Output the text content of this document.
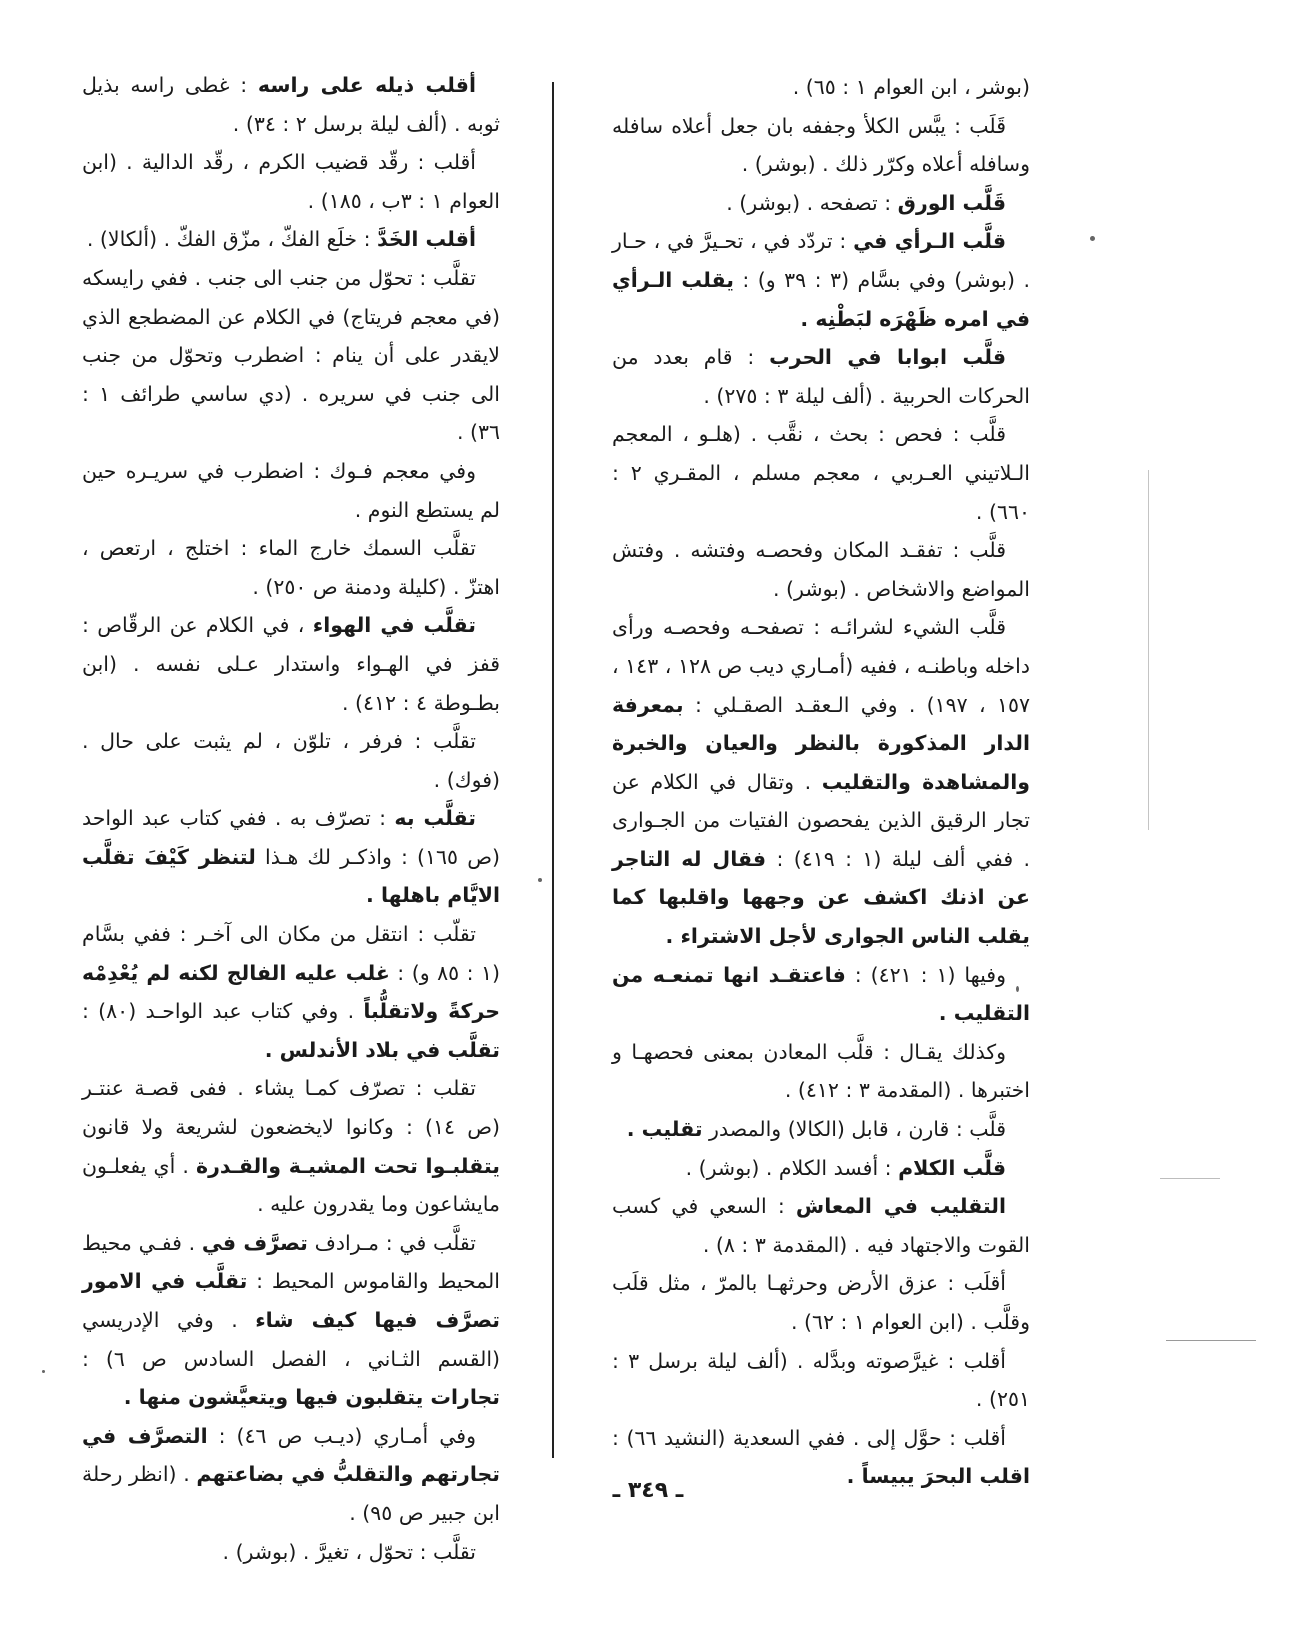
(بوشر ، ابن العوام ١ : ٦٥) .

قَلَب : يبَّس الكلأ وجففه بان جعل أعلاه سافله وسافله أعلاه وكرّر ذلك . (بوشر) .

قَلَّب الورق : تصفحه . (بوشر) .

قلَّب الـرأي في : تردّد في ، تحـيرَّ في ، حـار . (بوشر) وفي بسَّام (٣ : ٣٩ و) : يقلب الـرأي في امره ظَهْرَه لبَطْنِه .

قلَّب ابوابا في الحرب : قام بعدد من الحركات الحربية . (ألف ليلة ٣ : ٢٧٥) .

قلَّب : فحص : بحث ، نقَّب . (هلـو ، المعجم الـلاتيني العـربي ، معجم مسلم ، المقـري ٢ : ٦٦٠) .

قلَّب : تفقـد المكان وفحصـه وفتشه . وفتش المواضع والاشخاص . (بوشر) .

قلَّب الشيء لشرائـه : تصفحـه وفحصـه ورأى داخله وباطنـه ، ففيه (أمـاري ديب ص ١٢٨ ، ١٤٣ ، ١٥٧ ، ١٩٧) . وفي الـعقـد الصقـلي : بمعرفة الدار المذكورة بالنظر والعيان والخبرة والمشاهدة والتقليب . وتقال في الكلام عن تجار الرقيق الذين يفحصون الفتيات من الجـوارى . ففي ألف ليلة (١ : ٤١٩) : فقال له التاجر عن اذنك اكشف عن وجهها واقلبها كما يقلب الناس الجوارى لأجل الاشتراء .

وفيها (١ : ٤٢١) : فاعتقـد انها تمنعـه من التقليب .

وكذلك يقـال : قلَّب المعادن بمعنى فحصهـا و اختبرها . (المقدمة ٣ : ٤١٢) .

قلَّب : قارن ، قابل (الكالا) والمصدر تقليب .

قلَّب الكلام : أفسد الكلام . (بوشر) .

التقليب في المعاش : السعي في كسب القوت والاجتهاد فيه . (المقدمة ٣ : ٨) .

أقلَب : عزق الأرض وحرثهـا بالمرّ ، مثل قلَب وقلَّب . (ابن العوام ١ : ٦٢) .

أقلب : غيرَّصوته وبدَّله . (ألف ليلة برسل ٣ : ٢٥١) .

أقلب : حوَّل إلى . ففي السعدية (النشيد ٦٦) : اقلب البحرَ يبيساً .

أقلب ذيله على راسه : غطى راسه بذيل ثوبه . (ألف ليلة برسل ٢ : ٣٤) .

أقلب : رقّد قضيب الكرم ، رقّد الدالية . (ابن العوام ١ : ٣ب ، ١٨٥) .

أقلب الخَدَّ : خلَع الفكّ ، مزّق الفكّ . (ألكالا) .

تقلَّب : تحوّل من جنب الى جنب . ففي رايسكه (في معجم فريتاج) في الكلام عن المضطجع الذي لايقدر على أن ينام : اضطرب وتحوّل من جنب الى جنب في سريره . (دي ساسي طرائف ١ : ٣٦) .

وفي معجم فـوك : اضطرب في سريـره حين لم يستطع النوم .

تقلَّب السمك خارج الماء : اختلج ، ارتعص ، اهتزّ . (كليلة ودمنة ص ٢٥٠) .

تقلَّب في الهواء ، في الكلام عن الرقّاص : قفز في الهـواء واستدار عـلى نفسه . (ابن بطـوطة ٤ : ٤١٢) .

تقلَّب : فرفر ، تلوّن ، لم يثبت على حال . (فوك) .

تقلَّب به : تصرّف به . ففي كتاب عبد الواحد (ص ١٦٥) : واذكـر لك هـذا لتنظر كَيْفَ تقلَّب الايَّام باهلها .

تقلّب : انتقل من مكان الى آخـر : ففي بسَّام (١ : ٨٥ و) : غلب عليه الفالج لكنه لم يُعْدِمْه حركةً ولاتقلُّباً . وفي كتاب عبد الواحـد (٨٠) : تقلَّب في بلاد الأندلس .

تقلب : تصرّف كمـا يشاء . ففى قصـة عنتـر (ص ١٤) : وكانوا لايخضعون لشريعة ولا قانون يتقلبـوا تحت المشيـة والقـدرة . أي يفعلـون مايشاعون وما يقدرون عليه .

تقلَّب في : مـرادف تصرَّف في . ففـي محيط المحيط والقاموس المحيط : تقلَّب في الامور تصرَّف فيها كيف شاء . وفي الإدريسي (القسم الثـاني ، الفصل السادس ص ٦) : تجارات يتقلبون فيها ويتعيَّشون منها .

وفي أمـاري (ديـب ص ٤٦) : التصرَّف في تجارتهم والتقلبُّ في بضاعتهم . (انظر رحلة ابن جبير ص ٩٥) .

تقلَّب : تحوّل ، تغيرَّ . (بوشر) .

ـ ٣٤٩ ـ
